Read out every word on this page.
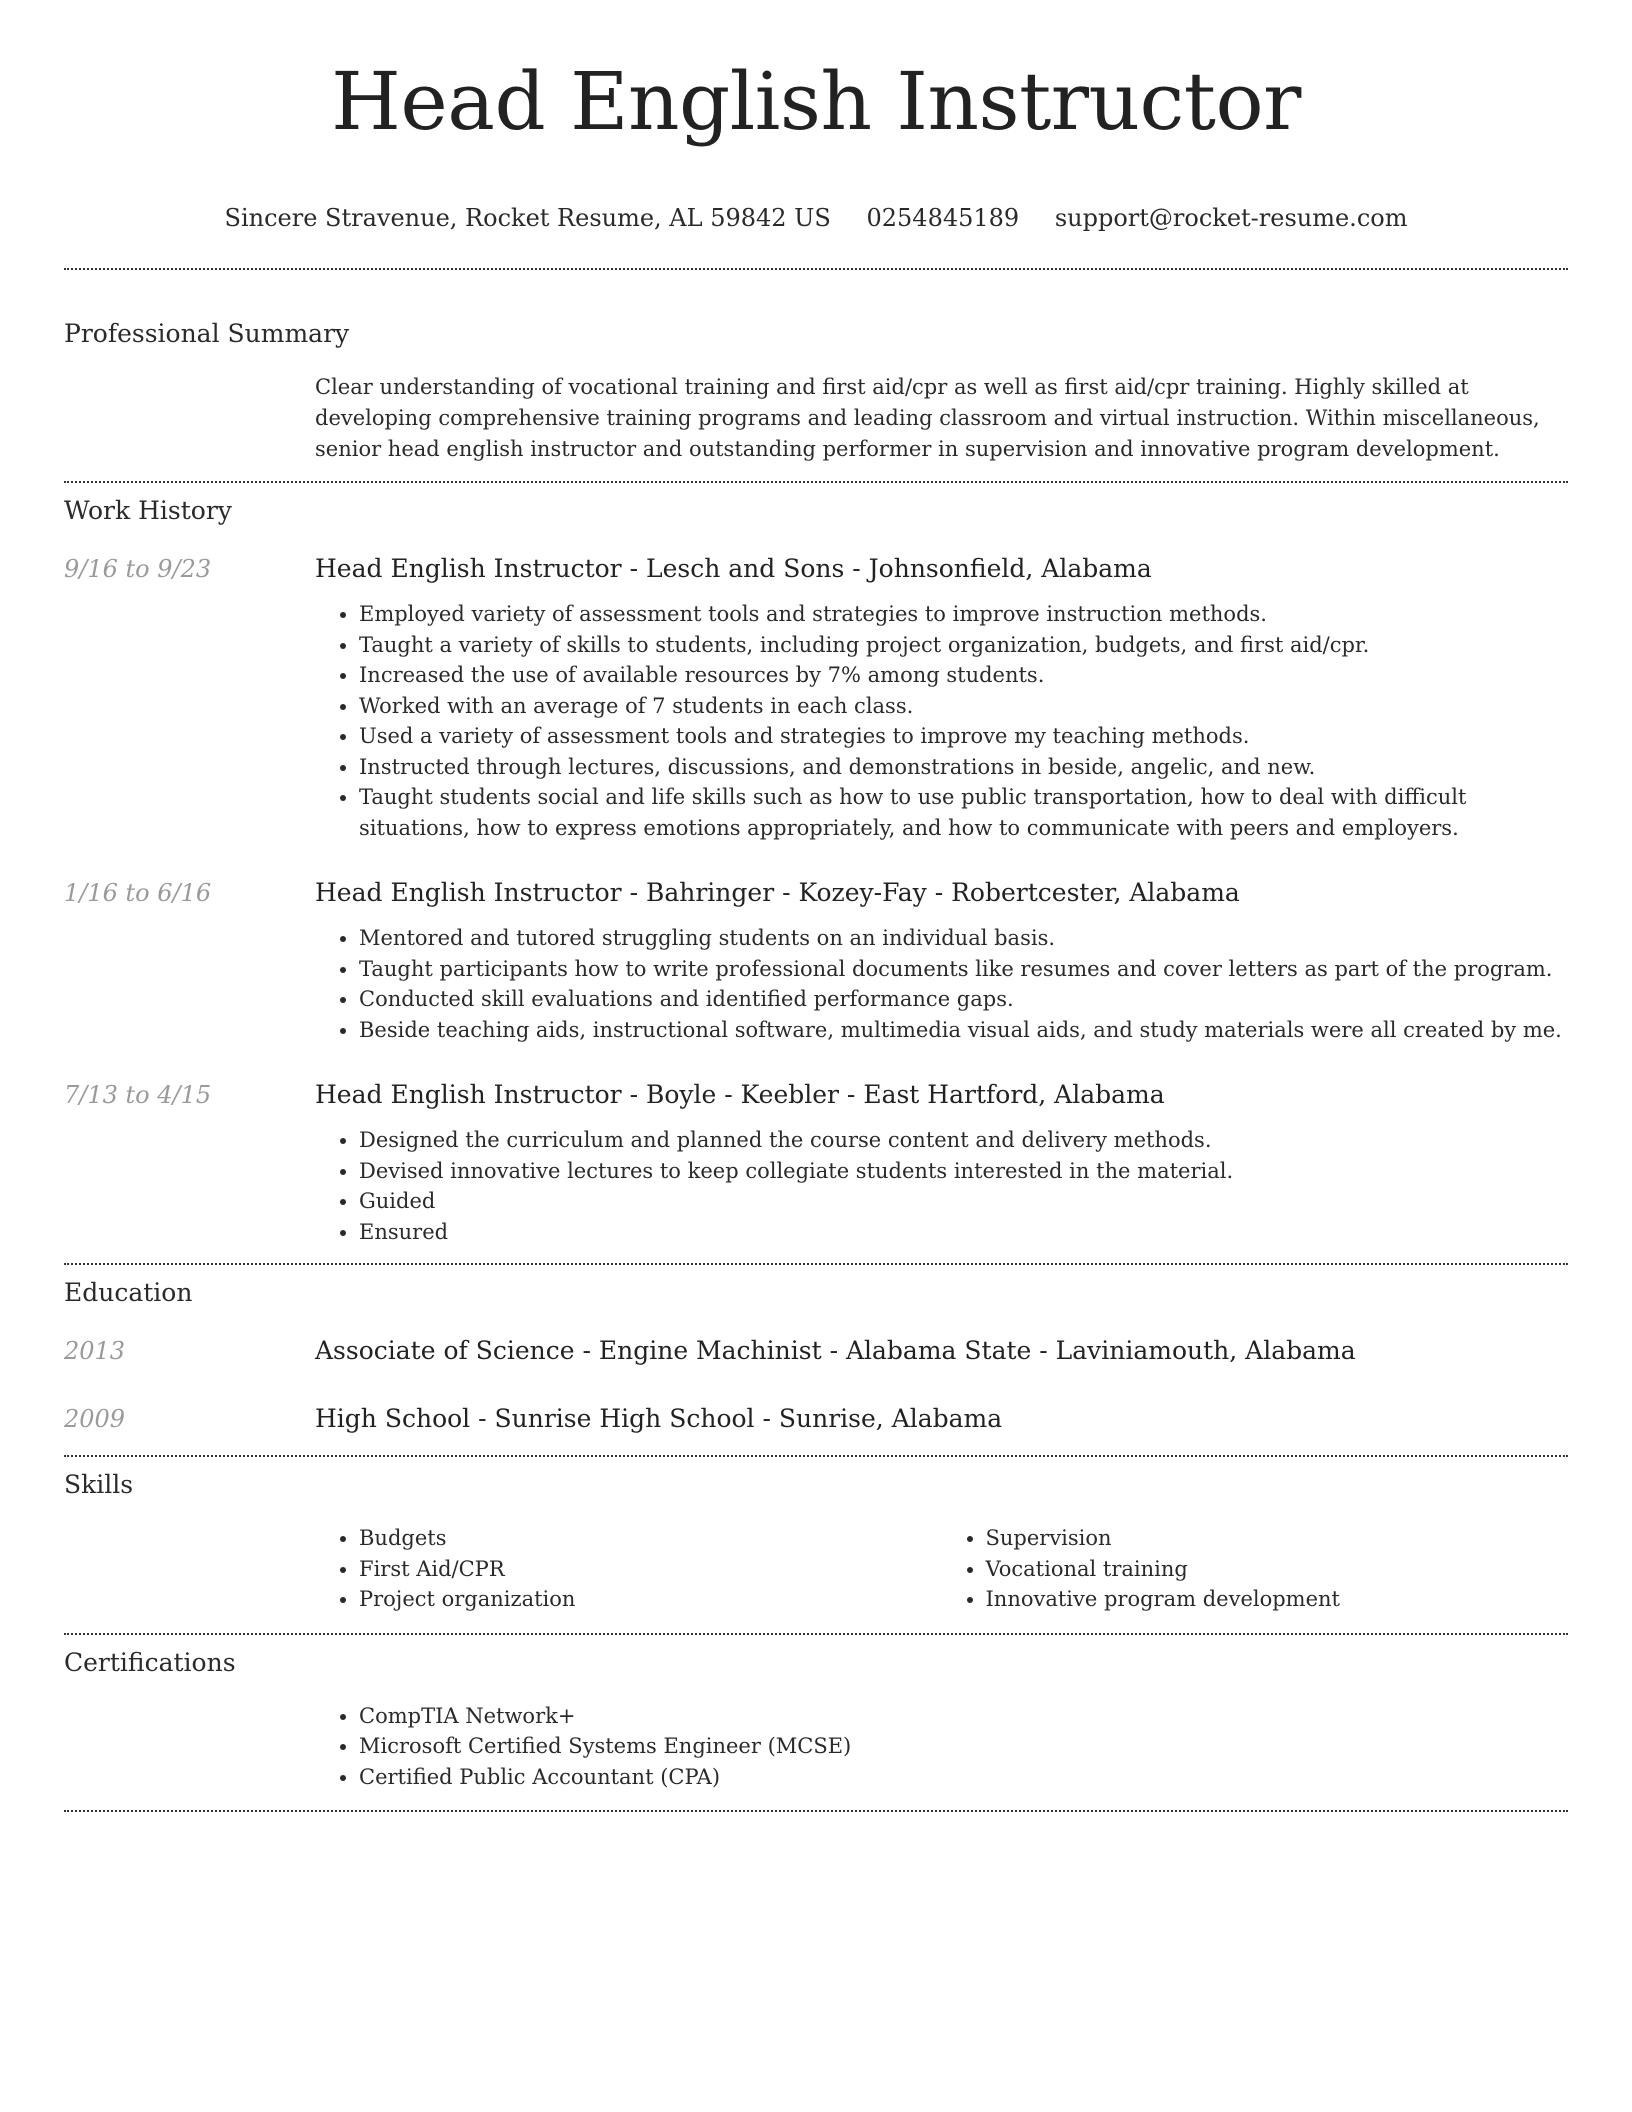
Head English Instructor
Sincere Stravenue, Rocket Resume, AL 59842 US 0254845189 support@rocket-resume.com
Professional Summary
Clear understanding of vocational training and first aid/cpr as well as first aid/cpr training. Highly skilled at developing comprehensive training programs and leading classroom and virtual instruction. Within miscellaneous, senior head english instructor and outstanding performer in supervision and innovative program development.
Work History
9/16 to 9/23	Head English Instructor - Lesch and Sons - Johnsonfield, Alabama
• Employed variety of assessment tools and strategies to improve instruction methods.
• Taught a variety of skills to students, including project organization, budgets, and first aid/cpr.
• Increased the use of available resources by 7% among students.
• Worked with an average of 7 students in each class.
• Used a variety of assessment tools and strategies to improve my teaching methods.
• Instructed through lectures, discussions, and demonstrations in beside, angelic, and new.
• Taught students social and life skills such as how to use public transportation, how to deal with difficult situations, how to express emotions appropriately, and how to communicate with peers and employers.
1/16 to 6/16	Head English Instructor - Bahringer - Kozey-Fay - Robertcester, Alabama
• Mentored and tutored struggling students on an individual basis.
• Taught participants how to write professional documents like resumes and cover letters as part of the program.
• Conducted skill evaluations and identified performance gaps.
• Beside teaching aids, instructional software, multimedia visual aids, and study materials were all created by me.
7/13 to 4/15	Head English Instructor - Boyle - Keebler - East Hartford, Alabama
• Designed the curriculum and planned the course content and delivery methods.
• Devised innovative lectures to keep collegiate students interested in the material.
• Guided
• Ensured
Education
2013	Associate of Science - Engine Machinist - Alabama State - Laviniamouth, Alabama
2009	High School - Sunrise High School - Sunrise, Alabama
Skills
• Budgets
• First Aid/CPR
• Project organization
• Supervision
• Vocational training
• Innovative program development
Certifications
• CompTIA Network+
• Microsoft Certified Systems Engineer (MCSE)
• Certified Public Accountant (CPA)
